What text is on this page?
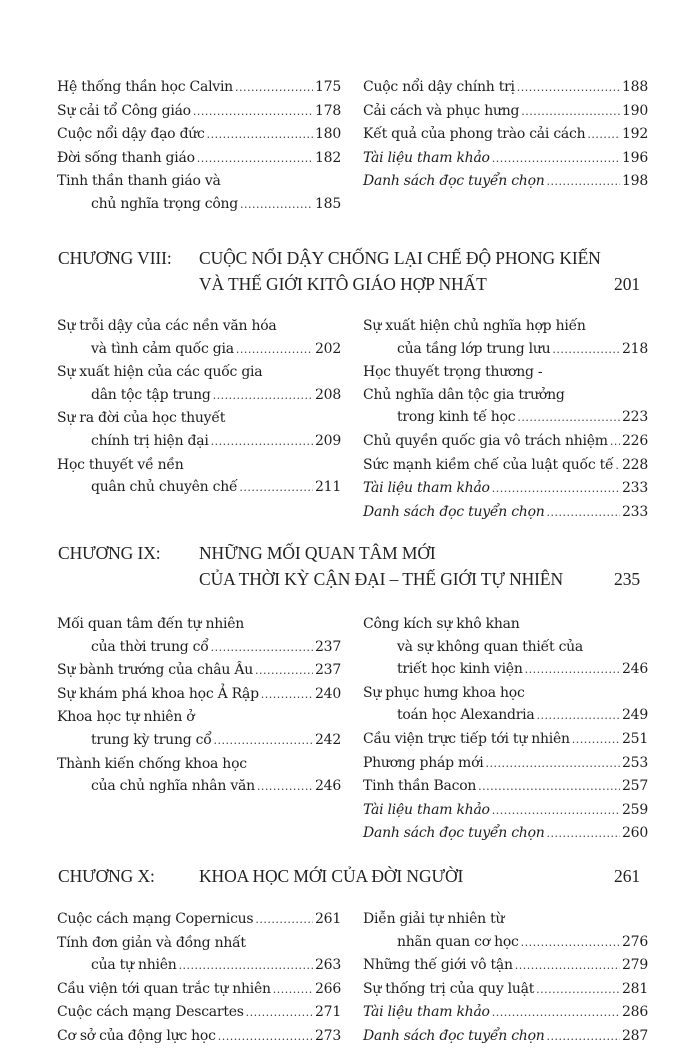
Hệ thống thần học Calvin .....	175
Sự cải tổ Công giáo .....	178
Cuộc nổi dậy đạo đức .....	180
Đời sống thanh giáo .....	182
Tinh thần thanh giáo và
chủ nghĩa trọng công .....	185
Cuộc nổi dậy chính trị .....	188
Cải cách và phục hưng .....	190
Kết quả của phong trào cải cách .....	192
Tài liệu tham khảo .....	196
Danh sách đọc tuyển chọn .....	198
CHƯƠNG VIII: CUỘC NỔI DẬY CHỐNG LẠI CHẾ ĐỘ PHONG KIẾN
VÀ THẾ GIỚI KITÔ GIÁO HỢP NHẤT	201
Sự trỗi dậy của các nền văn hóa
và tình cảm quốc gia .....	202
Sự xuất hiện của các quốc gia
dân tộc tập trung .....	208
Sự ra đời của học thuyết
chính trị hiện đại .....	209
Học thuyết về nền
quân chủ chuyên chế .....	211
Sự xuất hiện chủ nghĩa hợp hiến
của tầng lớp trung lưu .....	218
Học thuyết trọng thương -
Chủ nghĩa dân tộc gia trưởng
trong kinh tế học .....	223
Chủ quyền quốc gia vô trách nhiệm ..... 226
Sức mạnh kiềm chế của luật quốc tế ..... 228
Tài liệu tham khảo .....	233
Danh sách đọc tuyển chọn .....	233
CHƯƠNG IX: NHỮNG MỐI QUAN TÂM MỚI
CỦA THỜI KỲ CẬN ĐẠI – THẾ GIỚI TỰ NHIÊN	235
Mối quan tâm đến tự nhiên
của thời trung cổ .....	237
Sự bành trướng của châu Âu .....	237
Sự khám phá khoa học Ả Rập .....	240
Khoa học tự nhiên ở
trung kỳ trung cổ .....	242
Thành kiến chống khoa học
của chủ nghĩa nhân văn .....	246
Công kích sự khô khan
và sự không quan thiết của
triết học kinh viện .....	246
Sự phục hưng khoa học
toán học Alexandria .....	249
Cầu viện trực tiếp tới tự nhiên .....	251
Phương pháp mới .....	253
Tinh thần Bacon .....	257
Tài liệu tham khảo .....	259
Danh sách đọc tuyển chọn .....	260
CHƯƠNG X:	KHOA HỌC MỚI CỦA ĐỜI NGƯỜI	261
Cuộc cách mạng Copernicus .....	261
Tính đơn giản và đồng nhất
của tự nhiên .....	263
Cầu viện tới quan trắc tự nhiên .....	266
Cuộc cách mạng Descartes .....	271
Cơ sở của động lực học .....	273
Diễn giải tự nhiên từ
nhãn quan cơ học .....	276
Những thế giới vô tận .....	279
Sự thống trị của quy luật .....	281
Tài liệu tham khảo .....	286
Danh sách đọc tuyển chọn .....	287
